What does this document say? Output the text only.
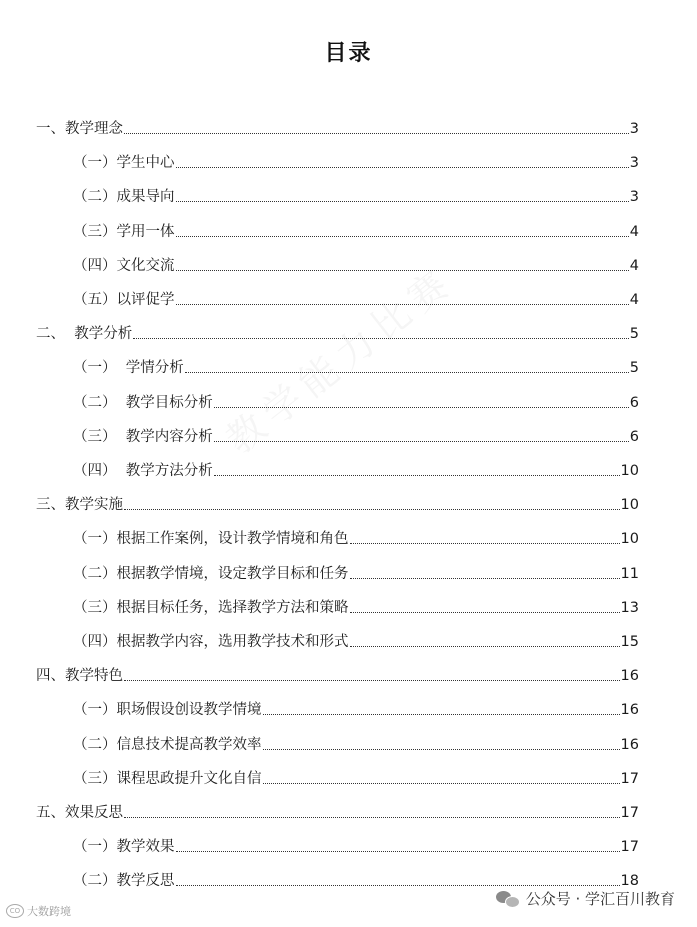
教学能力比赛
目录
一、教学理念	3
（一）学生中心	3
（二）成果导向	3
（三）学用一体	4
（四）文化交流	4
（五）以评促学	4
二、  教学分析	5
（一）  学情分析	5
（二）  教学目标分析	6
（三）  教学内容分析	6
（四）  教学方法分析	10
三、教学实施	10
（一）根据工作案例，设计教学情境和角色	10
（二）根据教学情境，设定教学目标和任务	11
（三）根据目标任务，选择教学方法和策略	13
（四）根据教学内容，选用教学技术和形式	15
四、教学特色	16
（一）职场假设创设教学情境	16
（二）信息技术提高教学效率	16
（三）课程思政提升文化自信	17
五、效果反思	17
（一）教学效果	17
（二）教学反思	18
CO 大数跨境
公众号 · 学汇百川教育
